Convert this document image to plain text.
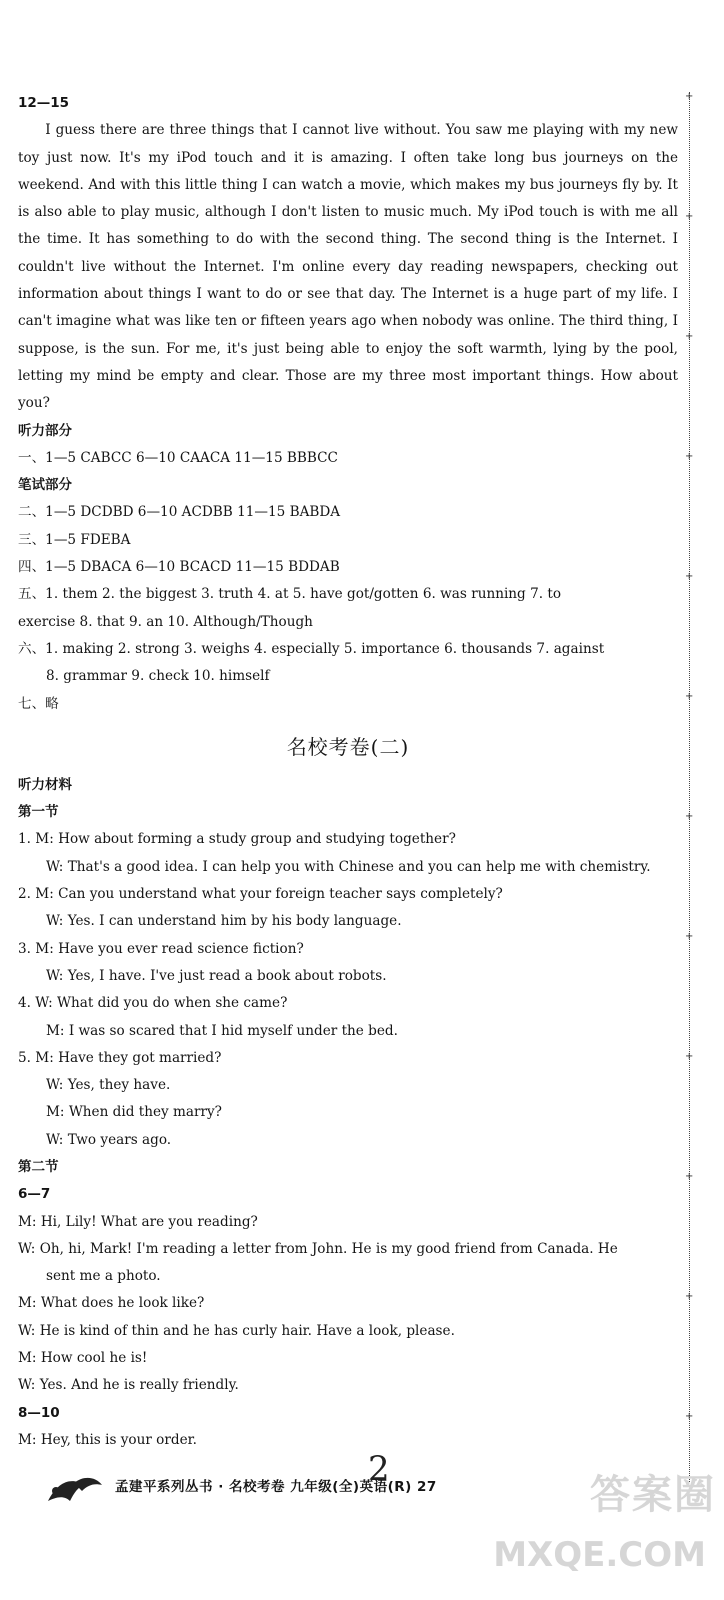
12—15
I guess there are three things that I cannot live without. You saw me playing with my new toy just now. It's my iPod touch and it is amazing. I often take long bus journeys on the weekend. And with this little thing I can watch a movie, which makes my bus journeys fly by. It is also able to play music, although I don't listen to music much. My iPod touch is with me all the time. It has something to do with the second thing. The second thing is the Internet. I couldn't live without the Internet. I'm online every day reading newspapers, checking out information about things I want to do or see that day. The Internet is a huge part of my life. I can't imagine what was like ten or fifteen years ago when nobody was online. The third thing, I suppose, is the sun. For me, it's just being able to enjoy the soft warmth, lying by the pool, letting my mind be empty and clear. Those are my three most important things. How about you?
听力部分
一、1—5 CABCC 6—10 CAACA 11—15 BBBCC
笔试部分
二、1—5 DCDBD 6—10 ACDBB 11—15 BABDA
三、1—5 FDEBA
四、1—5 DBACA 6—10 BCACD 11—15 BDDAB
五、1. them 2. the biggest 3. truth 4. at 5. have got/gotten 6. was running 7. to
exercise 8. that 9. an 10. Although/Though
六、1. making 2. strong 3. weighs 4. especially 5. importance 6. thousands 7. against
8. grammar 9. check 10. himself
七、略
名校考卷(二)
听力材料
第一节
1. M: How about forming a study group and studying together?
W: That's a good idea. I can help you with Chinese and you can help me with chemistry.
2. M: Can you understand what your foreign teacher says completely?
W: Yes. I can understand him by his body language.
3. M: Have you ever read science fiction?
W: Yes, I have. I've just read a book about robots.
4. W: What did you do when she came?
M: I was so scared that I hid myself under the bed.
5. M: Have they got married?
W: Yes, they have.
M: When did they marry?
W: Two years ago.
第二节
6—7
M: Hi, Lily! What are you reading?
W: Oh, hi, Mark! I'm reading a letter from John. He is my good friend from Canada. He
sent me a photo.
M: What does he look like?
W: He is kind of thin and he has curly hair. Have a look, please.
M: How cool he is!
W: Yes. And he is really friendly.
8—10
M: Hey, this is your order.
+
+
+
+
+
+
+
+
+
+
+
+
2
孟建平系列丛书 · 名校考卷 九年级(全)英语(R) 27	答案圈
MXQE.COM
